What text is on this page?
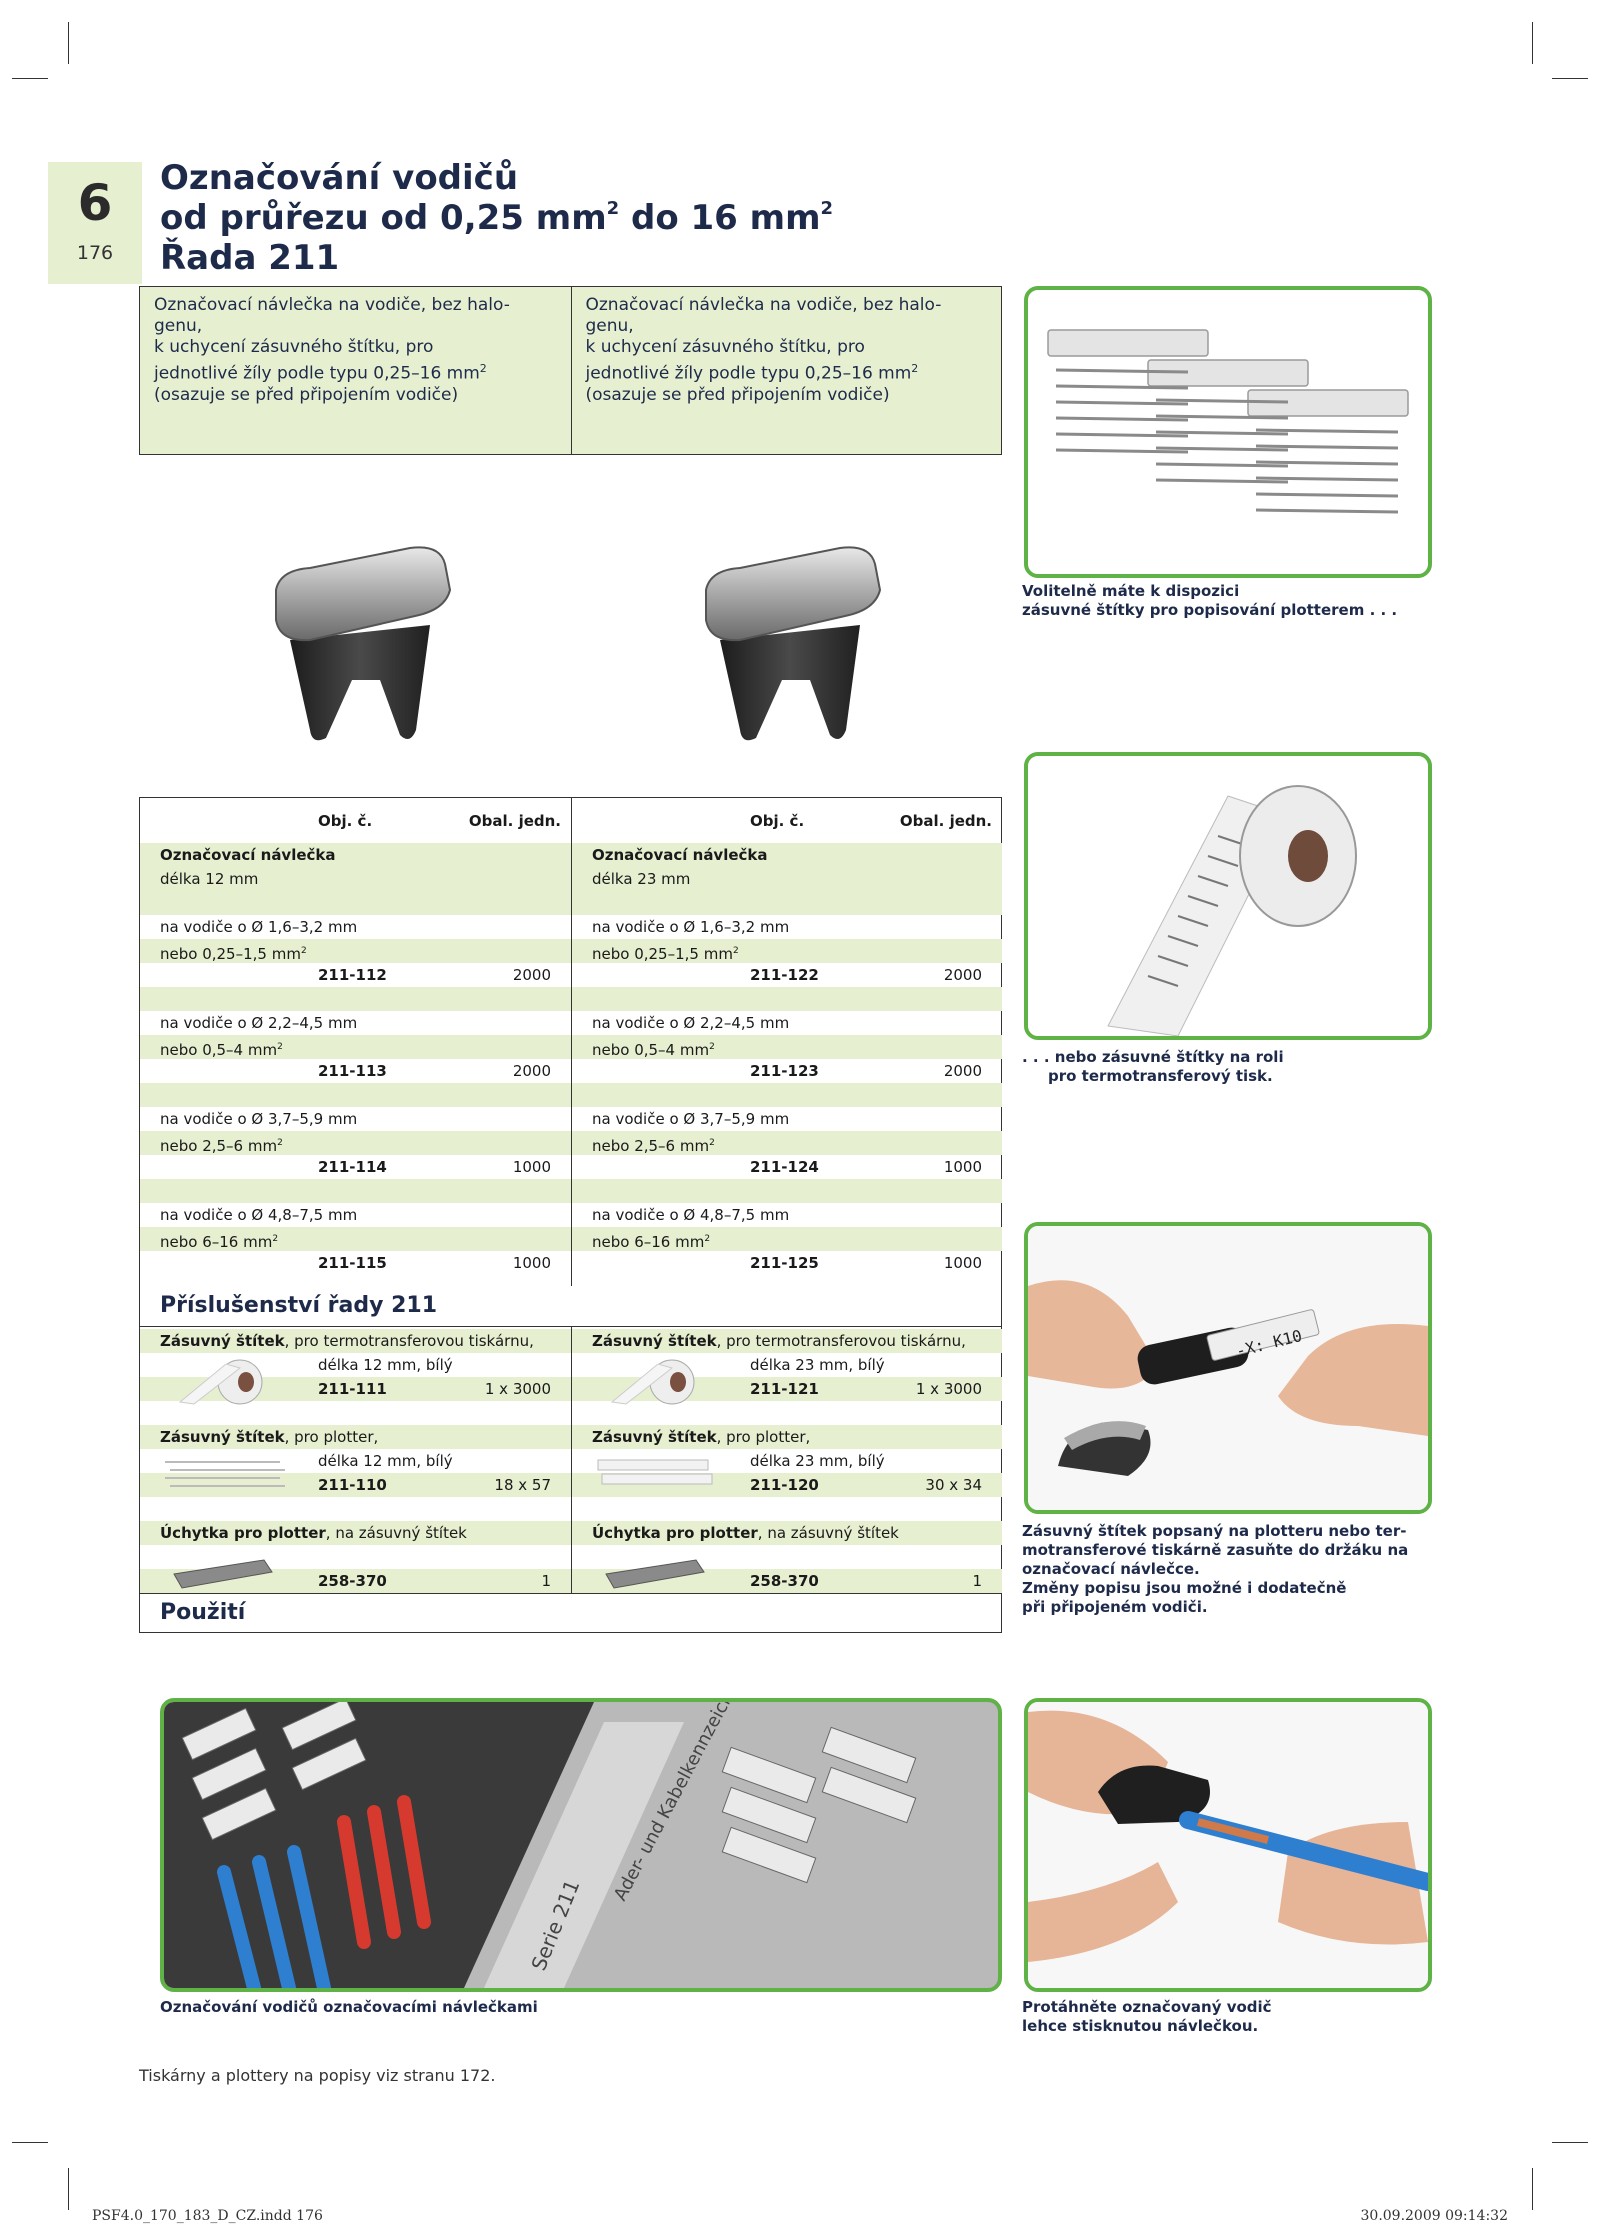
6
176
Označování vodičů
od průřezu od 0,25 $mm^2$ do 16 $mm^2$
Řada 211
Označovací návlečka na vodiče, bez halo-
genu,
k uchycení zásuvného štítku, pro
jednotlivé žíly podle typu 0,25–16 $mm^2$
(osazuje se před připojením vodiče)
Označovací návlečka na vodiče, bez halo-
genu,
k uchycení zásuvného štítku, pro
jednotlivé žíly podle typu 0,25–16 $mm^2$
(osazuje se před připojením vodiče)
Volitelně máte k dispozici
zásuvné štítky pro popisování plotterem . . .
. . . nebo zásuvné štítky na roli
pro termotransferový tisk.
-X: K10
Zásuvný štítek popsaný na plotteru nebo ter-
motransferové tiskárně zasuňte do držáku na
označovací návlečce.
Změny popisu jsou možné i dodatečně
při připojeném vodiči.
Obj. č.	Obal. jedn.
Označovací návlečka
délka 12 mm
na vodiče o Ø 1,6–3,2 mm
nebo 0,25–1,5 $mm^2$
211-112	2000
na vodiče o Ø 2,2–4,5 mm
nebo 0,5–4 $mm^2$
211-113	2000
na vodiče o Ø 3,7–5,9 mm
nebo 2,5–6 $mm^2$
211-114	1000
na vodiče o Ø 4,8–7,5 mm
nebo 6–16 $mm^2$
211-115	1000
Zásuvný štítek, pro termotransferovou tiskárnu,
délka 12 mm, bílý
211-111	1 x 3000
Zásuvný štítek, pro plotter,
délka 12 mm, bílý
211-110	18 x 57
Úchytka pro plotter, na zásuvný štítek
258-370	1
Obj. č.	Obal. jedn.
Označovací návlečka
délka 23 mm
na vodiče o Ø 1,6–3,2 mm
nebo 0,25–1,5 $mm^2$
211-122	2000
na vodiče o Ø 2,2–4,5 mm
nebo 0,5–4 $mm^2$
211-123	2000
na vodiče o Ø 3,7–5,9 mm
nebo 2,5–6 $mm^2$
211-124	1000
na vodiče o Ø 4,8–7,5 mm
nebo 6–16 $mm^2$
211-125	1000
Zásuvný štítek, pro termotransferovou tiskárnu,
délka 23 mm, bílý
211-121	1 x 3000
Zásuvný štítek, pro plotter,
délka 23 mm, bílý
211-120	30 x 34
Úchytka pro plotter, na zásuvný štítek
258-370	1
Příslušenství řady 211
Použití
Serie 211
Označování vodičů označovacími návlečkami	Protáhněte označovaný vodič
lehce stisknutou návlečkou.
Tiskárny a plottery na popisy viz stranu 172.
PSF4.0_170_183_D_CZ.indd 176	30.09.2009 09:14:32
